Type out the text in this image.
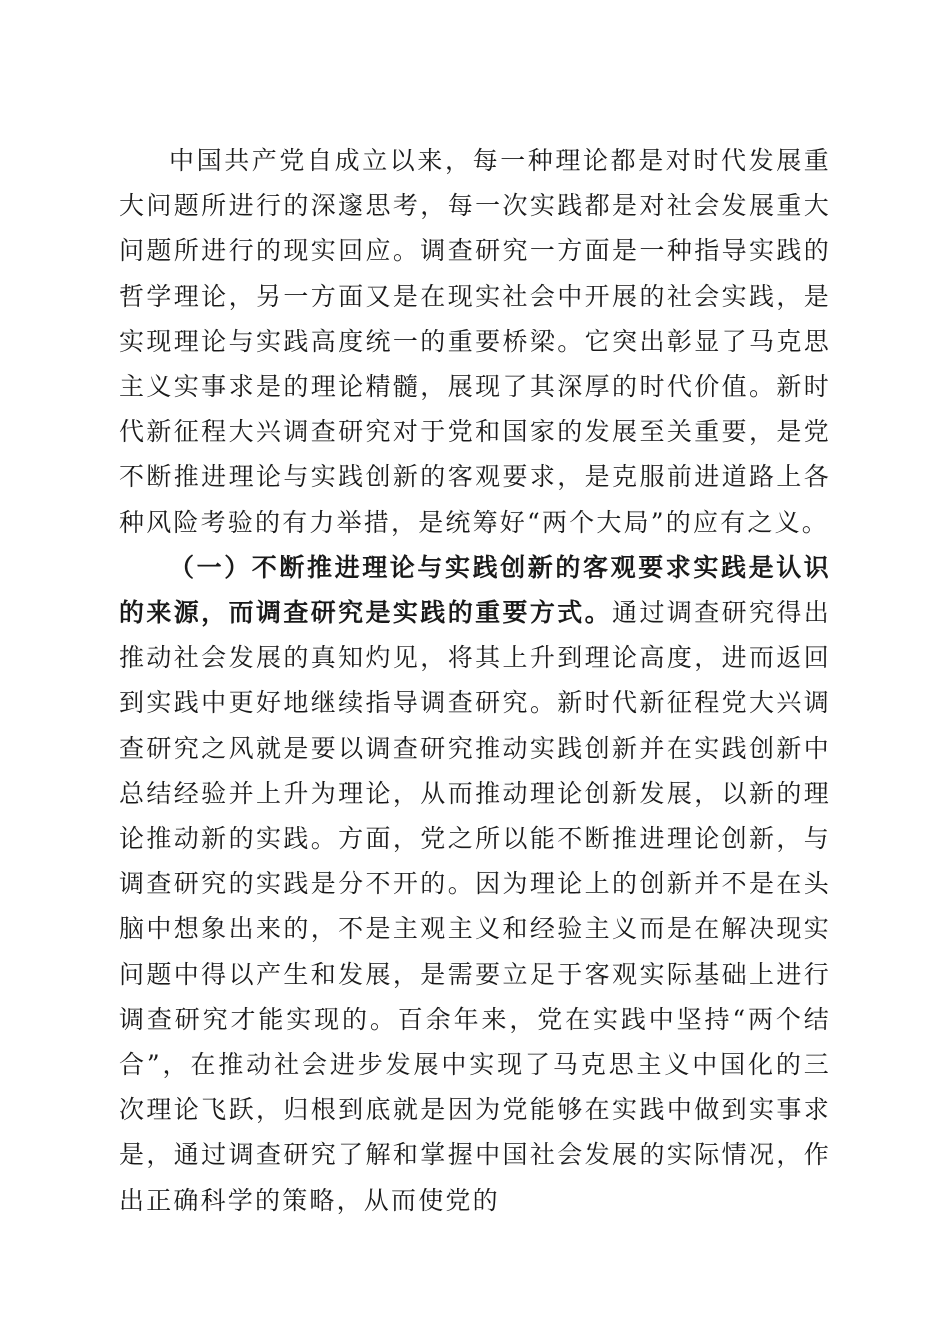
中国共产党自成立以来，每一种理论都是对时代发展重大问题所进行的深邃思考，每一次实践都是对社会发展重大问题所进行的现实回应。调查研究一方面是一种指导实践的哲学理论，另一方面又是在现实社会中开展的社会实践，是实现理论与实践高度统一的重要桥梁。它突出彰显了马克思主义实事求是的理论精髓，展现了其深厚的时代价值。新时代新征程大兴调查研究对于党和国家的发展至关重要，是党不断推进理论与实践创新的客观要求，是克服前进道路上各种风险考验的有力举措，是统筹好“两个大局”的应有之义。

（一）不断推进理论与实践创新的客观要求实践是认识的来源，而调查研究是实践的重要方式。通过调查研究得出推动社会发展的真知灼见，将其上升到理论高度，进而返回到实践中更好地继续指导调查研究。新时代新征程党大兴调查研究之风就是要以调查研究推动实践创新并在实践创新中总结经验并上升为理论，从而推动理论创新发展，以新的理论推动新的实践。方面，党之所以能不断推进理论创新，与调查研究的实践是分不开的。因为理论上的创新并不是在头脑中想象出来的，不是主观主义和经验主义而是在解决现实问题中得以产生和发展，是需要立足于客观实际基础上进行调查研究才能实现的。百余年来，党在实践中坚持“两个结合”，在推动社会进步发展中实现了马克思主义中国化的三次理论飞跃，归根到底就是因为党能够在实践中做到实事求是，通过调查研究了解和掌握中国社会发展的实际情况，作出正确科学的策略，从而使党的
